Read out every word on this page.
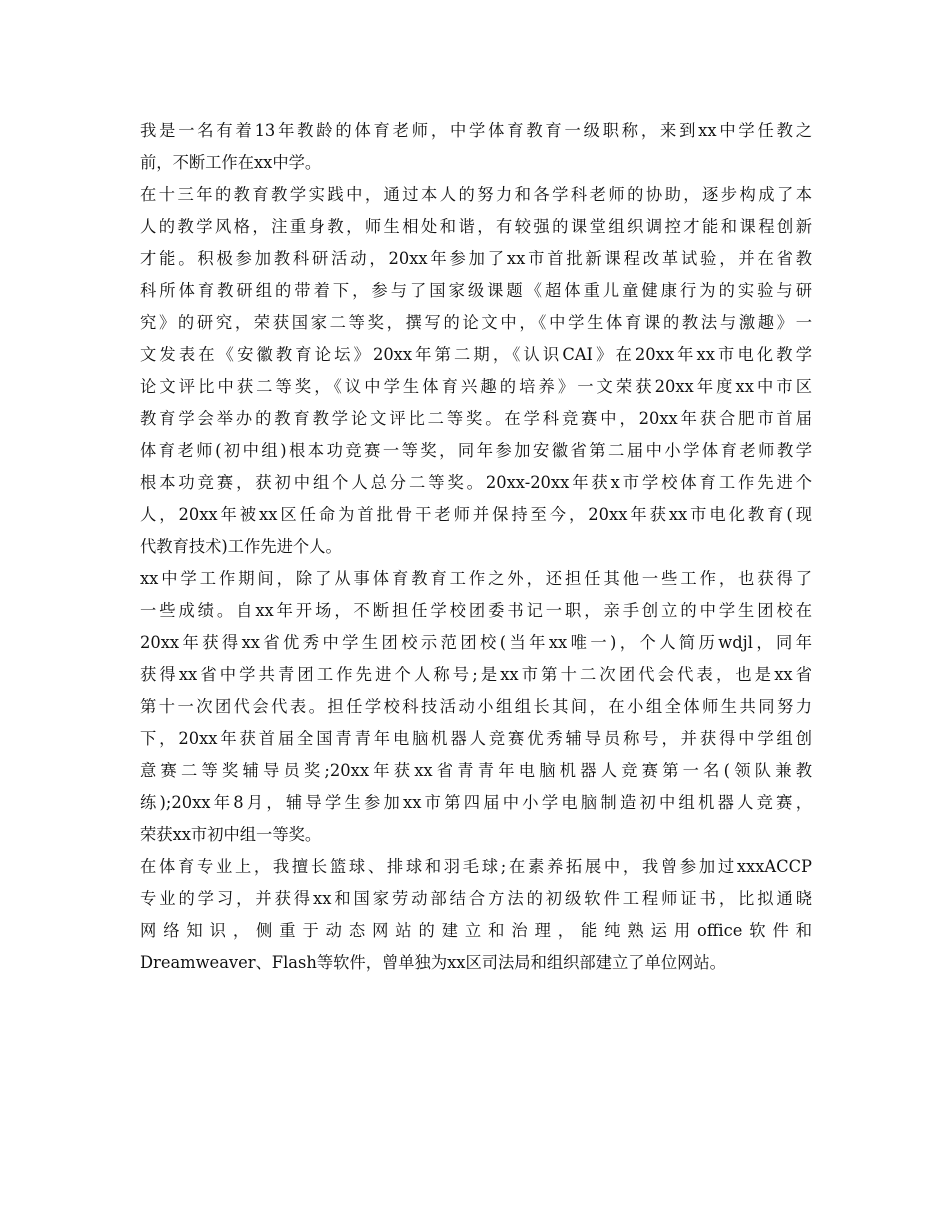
我是一名有着13年教龄的体育老师，中学体育教育一级职称，来到xx中学任教之
前，不断工作在xx中学。
在十三年的教育教学实践中，通过本人的努力和各学科老师的协助，逐步构成了本
人的教学风格，注重身教，师生相处和谐，有较强的课堂组织调控才能和课程创新
才能。积极参加教科研活动，20xx年参加了xx市首批新课程改革试验，并在省教
科所体育教研组的带着下，参与了国家级课题《超体重儿童健康行为的实验与研
究》的研究，荣获国家二等奖，撰写的论文中，《中学生体育课的教法与激趣》一
文发表在《安徽教育论坛》20xx年第二期，《认识CAI》在20xx年xx市电化教学
论文评比中获二等奖，《议中学生体育兴趣的培养》一文荣获20xx年度xx中市区
教育学会举办的教育教学论文评比二等奖。在学科竞赛中，20xx年获合肥市首届
体育老师(初中组)根本功竞赛一等奖，同年参加安徽省第二届中小学体育老师教学
根本功竞赛，获初中组个人总分二等奖。20xx-20xx年获x市学校体育工作先进个
人，20xx年被xx区任命为首批骨干老师并保持至今，20xx年获xx市电化教育(现
代教育技术)工作先进个人。
xx中学工作期间，除了从事体育教育工作之外，还担任其他一些工作，也获得了
一些成绩。自xx年开场，不断担任学校团委书记一职，亲手创立的中学生团校在
20xx年获得xx省优秀中学生团校示范团校(当年xx唯一)，个人简历wdjl，同年
获得xx省中学共青团工作先进个人称号;是xx市第十二次团代会代表，也是xx省
第十一次团代会代表。担任学校科技活动小组组长其间，在小组全体师生共同努力
下，20xx年获首届全国青青年电脑机器人竞赛优秀辅导员称号，并获得中学组创
意赛二等奖辅导员奖;20xx年获xx省青青年电脑机器人竞赛第一名(领队兼教
练);20xx年8月，辅导学生参加xx市第四届中小学电脑制造初中组机器人竞赛，
荣获xx市初中组一等奖。
在体育专业上，我擅长篮球、排球和羽毛球;在素养拓展中，我曾参加过xxxACCP
专业的学习，并获得xx和国家劳动部结合方法的初级软件工程师证书，比拟通晓
网络知识，侧重于动态网站的建立和治理，能纯熟运用office软件和
Dreamweaver、Flash等软件，曾单独为xx区司法局和组织部建立了单位网站。
